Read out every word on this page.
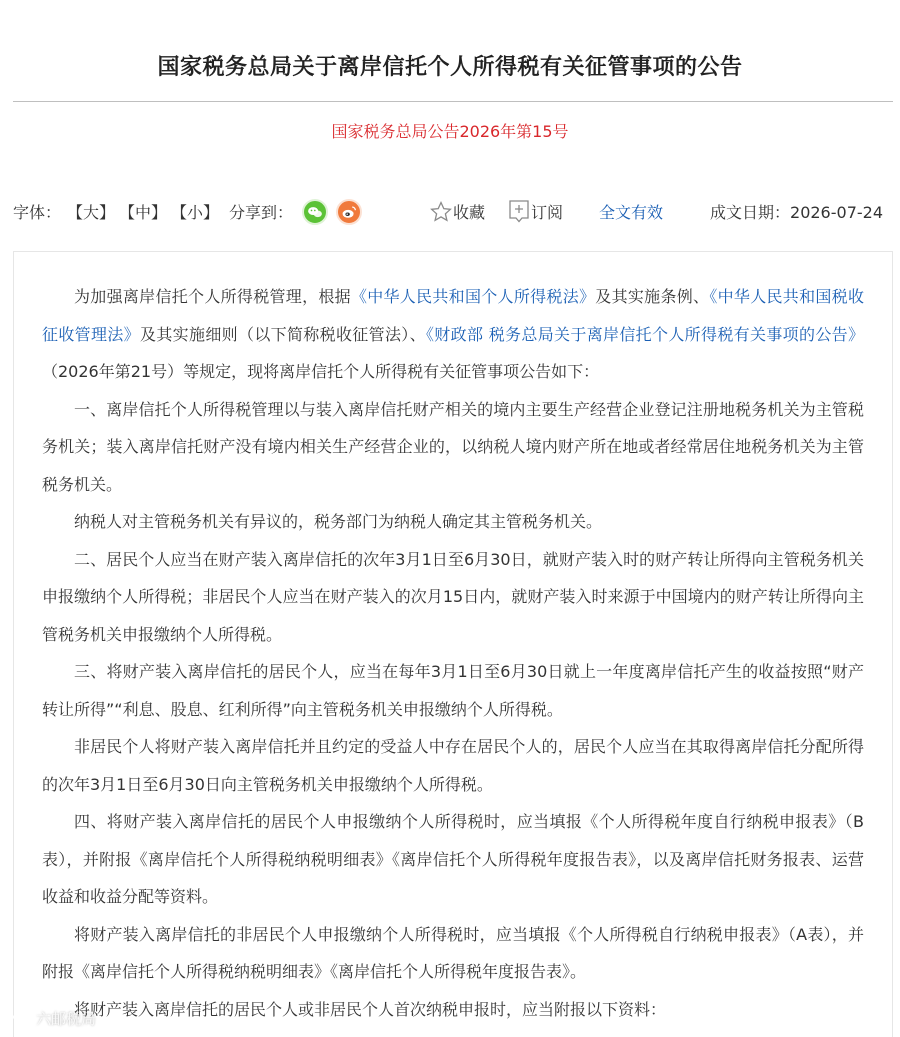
国家税务总局关于离岸信托个人所得税有关征管事项的公告
国家税务总局公告2026年第15号
字体： 【大】 【中】 【小】 分享到：	收藏	订阅 全文有效	成文日期：2026-07-24

为加强离岸信托个人所得税管理，根据《中华人民共和国个人所得税法》及其实施条例、《中华人民共和国税收征收管理法》及其实施细则（以下简称税收征管法）、《财政部 税务总局关于离岸信托个人所得税有关事项的公告》（2026年第21号）等规定，现将离岸信托个人所得税有关征管事项公告如下：

一、离岸信托个人所得税管理以与装入离岸信托财产相关的境内主要生产经营企业登记注册地税务机关为主管税务机关；装入离岸信托财产没有境内相关生产经营企业的，以纳税人境内财产所在地或者经常居住地税务机关为主管税务机关。

纳税人对主管税务机关有异议的，税务部门为纳税人确定其主管税务机关。

二、居民个人应当在财产装入离岸信托的次年3月1日至6月30日，就财产装入时的财产转让所得向主管税务机关申报缴纳个人所得税；非居民个人应当在财产装入的次月15日内，就财产装入时来源于中国境内的财产转让所得向主管税务机关申报缴纳个人所得税。

三、将财产装入离岸信托的居民个人，应当在每年3月1日至6月30日就上一年度离岸信托产生的收益按照“财产转让所得”“利息、股息、红利所得”向主管税务机关申报缴纳个人所得税。

非居民个人将财产装入离岸信托并且约定的受益人中存在居民个人的，居民个人应当在其取得离岸信托分配所得的次年3月1日至6月30日向主管税务机关申报缴纳个人所得税。

四、将财产装入离岸信托的居民个人申报缴纳个人所得税时，应当填报《个人所得税年度自行纳税申报表》（B表），并附报《离岸信托个人所得税纳税明细表》《离岸信托个人所得税年度报告表》，以及离岸信托财务报表、运营收益和收益分配等资料。

将财产装入离岸信托的非居民个人申报缴纳个人所得税时，应当填报《个人所得税自行纳税申报表》（A表），并附报《离岸信托个人所得税纳税明细表》《离岸信托个人所得税年度报告表》。

将财产装入离岸信托的居民个人或非居民个人首次纳税申报时，应当附报以下资料：

六邮税局
